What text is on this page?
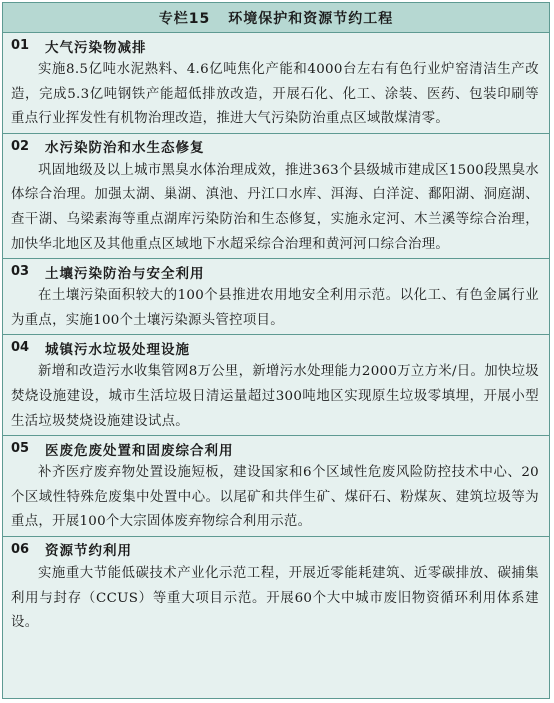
专栏15 环境保护和资源节约工程
01	大气污染物减排
实施8.5亿吨水泥熟料、4.6亿吨焦化产能和4000台左右有色行业炉窑清洁生产改造，完成5.3亿吨钢铁产能超低排放改造，开展石化、化工、涂装、医药、包装印刷等重点行业挥发性有机物治理改造，推进大气污染防治重点区域散煤清零。
02	水污染防治和水生态修复
巩固地级及以上城市黑臭水体治理成效，推进363个县级城市建成区1500段黑臭水体综合治理。加强太湖、巢湖、滇池、丹江口水库、洱海、白洋淀、鄱阳湖、洞庭湖、查干湖、乌梁素海等重点湖库污染防治和生态修复，实施永定河、木兰溪等综合治理，加快华北地区及其他重点区域地下水超采综合治理和黄河河口综合治理。
03	土壤污染防治与安全利用
在土壤污染面积较大的100个县推进农用地安全利用示范。以化工、有色金属行业为重点，实施100个土壤污染源头管控项目。
04	城镇污水垃圾处理设施
新增和改造污水收集管网8万公里，新增污水处理能力2000万立方米/日。加快垃圾焚烧设施建设，城市生活垃圾日清运量超过300吨地区实现原生垃圾零填埋，开展小型生活垃圾焚烧设施建设试点。
05	医废危废处置和固废综合利用
补齐医疗废弃物处置设施短板，建设国家和6个区域性危废风险防控技术中心、20个区域性特殊危废集中处置中心。以尾矿和共伴生矿、煤矸石、粉煤灰、建筑垃圾等为重点，开展100个大宗固体废弃物综合利用示范。
06	资源节约利用
实施重大节能低碳技术产业化示范工程，开展近零能耗建筑、近零碳排放、碳捕集利用与封存（CCUS）等重大项目示范。开展60个大中城市废旧物资循环利用体系建设。
